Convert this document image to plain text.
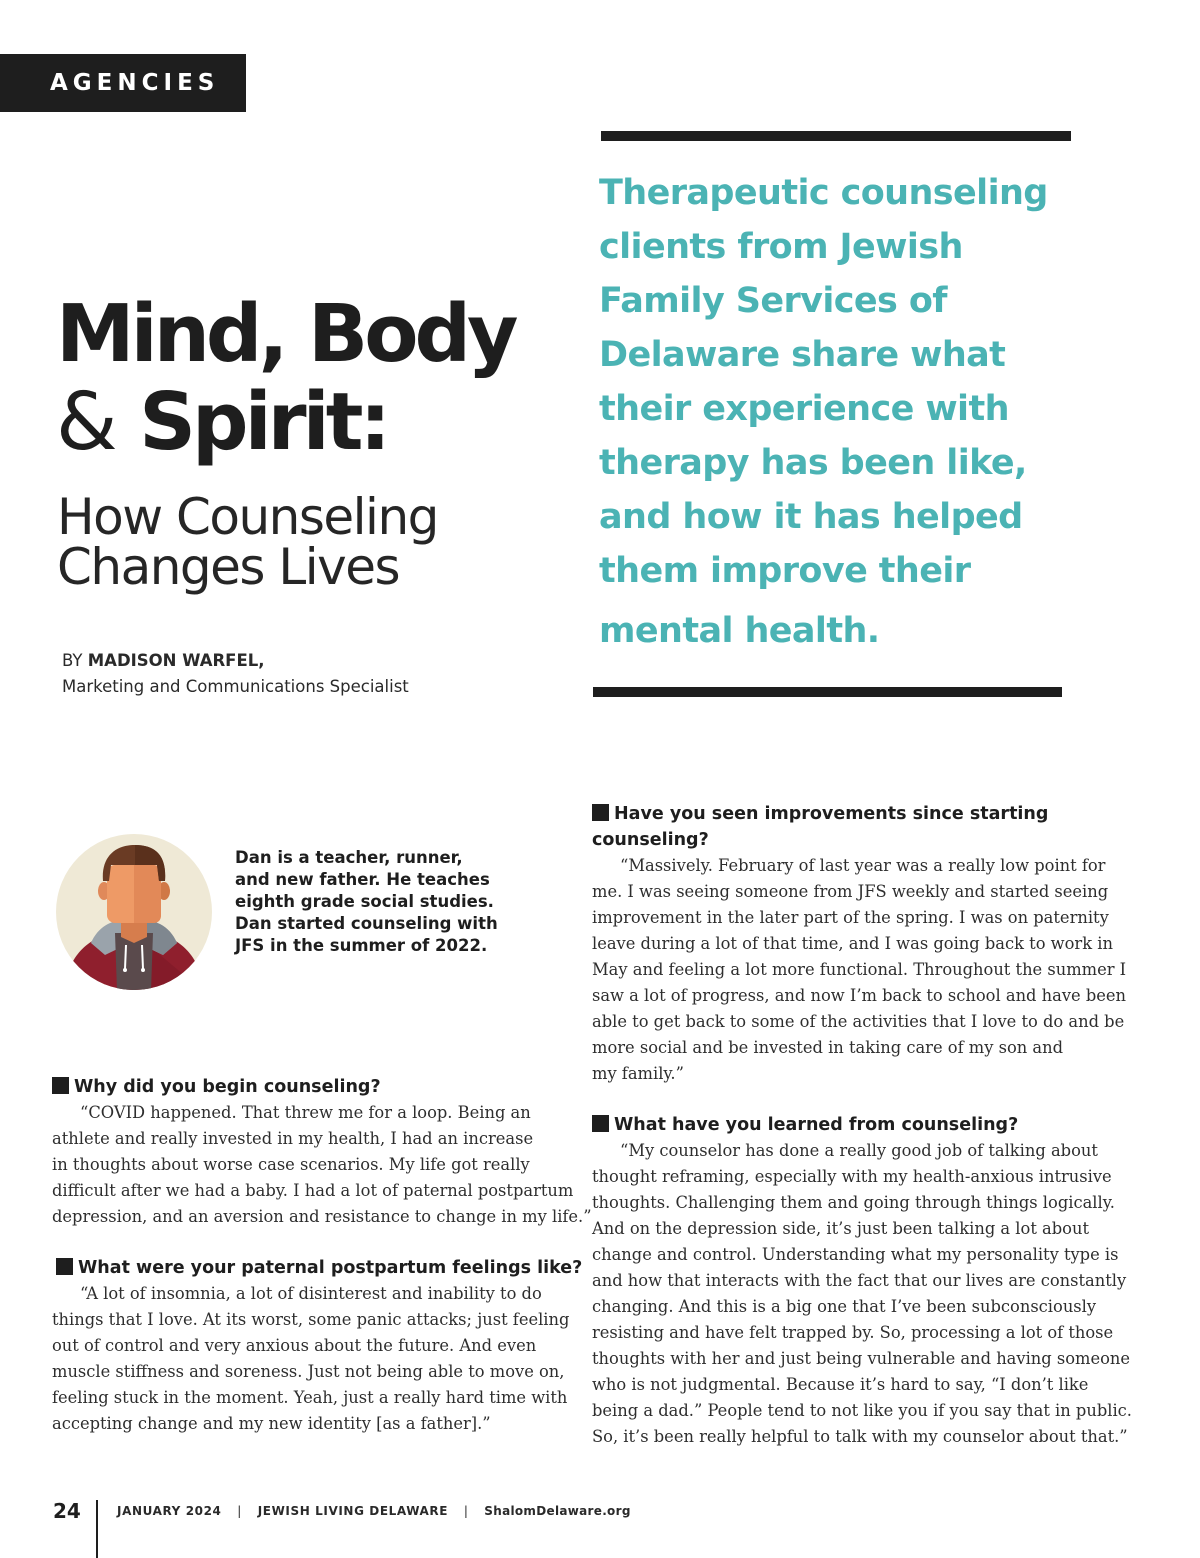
AGENCIES
Mind, Body
& Spirit:
How Counseling
Changes Lives
BY MADISON WARFEL,
Marketing and Communications Specialist
Therapeutic counseling
clients from Jewish
Family Services of
Delaware share what
their experience with
therapy has been like,
and how it has helped
them improve their
mental health.
Dan is a teacher, runner,
and new father. He teaches
eighth grade social studies.
Dan started counseling with
JFS in the summer of 2022.
Why did you begin counseling?
“COVID happened. That threw me for a loop. Being an
athlete and really invested in my health, I had an increase
in thoughts about worse case scenarios. My life got really
difficult after we had a baby. I had a lot of paternal postpartum
depression, and an aversion and resistance to change in my life.”
What were your paternal postpartum feelings like?
“A lot of insomnia, a lot of disinterest and inability to do
things that I love. At its worst, some panic attacks; just feeling
out of control and very anxious about the future. And even
muscle stiffness and soreness. Just not being able to move on,
feeling stuck in the moment. Yeah, just a really hard time with
accepting change and my new identity [as a father].”
Have you seen improvements since starting
counseling?
“Massively. February of last year was a really low point for
me. I was seeing someone from JFS weekly and started seeing
improvement in the later part of the spring. I was on paternity
leave during a lot of that time, and I was going back to work in
May and feeling a lot more functional. Throughout the summer I
saw a lot of progress, and now I’m back to school and have been
able to get back to some of the activities that I love to do and be
more social and be invested in taking care of my son and
my family.”
What have you learned from counseling?
“My counselor has done a really good job of talking about
thought reframing, especially with my health-anxious intrusive
thoughts. Challenging them and going through things logically.
And on the depression side, it’s just been talking a lot about
change and control. Understanding what my personality type is
and how that interacts with the fact that our lives are constantly
changing. And this is a big one that I’ve been subconsciously
resisting and have felt trapped by. So, processing a lot of those
thoughts with her and just being vulnerable and having someone
who is not judgmental. Because it’s hard to say, “I don’t like
being a dad.” People tend to not like you if you say that in public.
So, it’s been really helpful to talk with my counselor about that.”
24	JANUARY 2024 | JEWISH LIVING DELAWARE | ShalomDelaware.org
